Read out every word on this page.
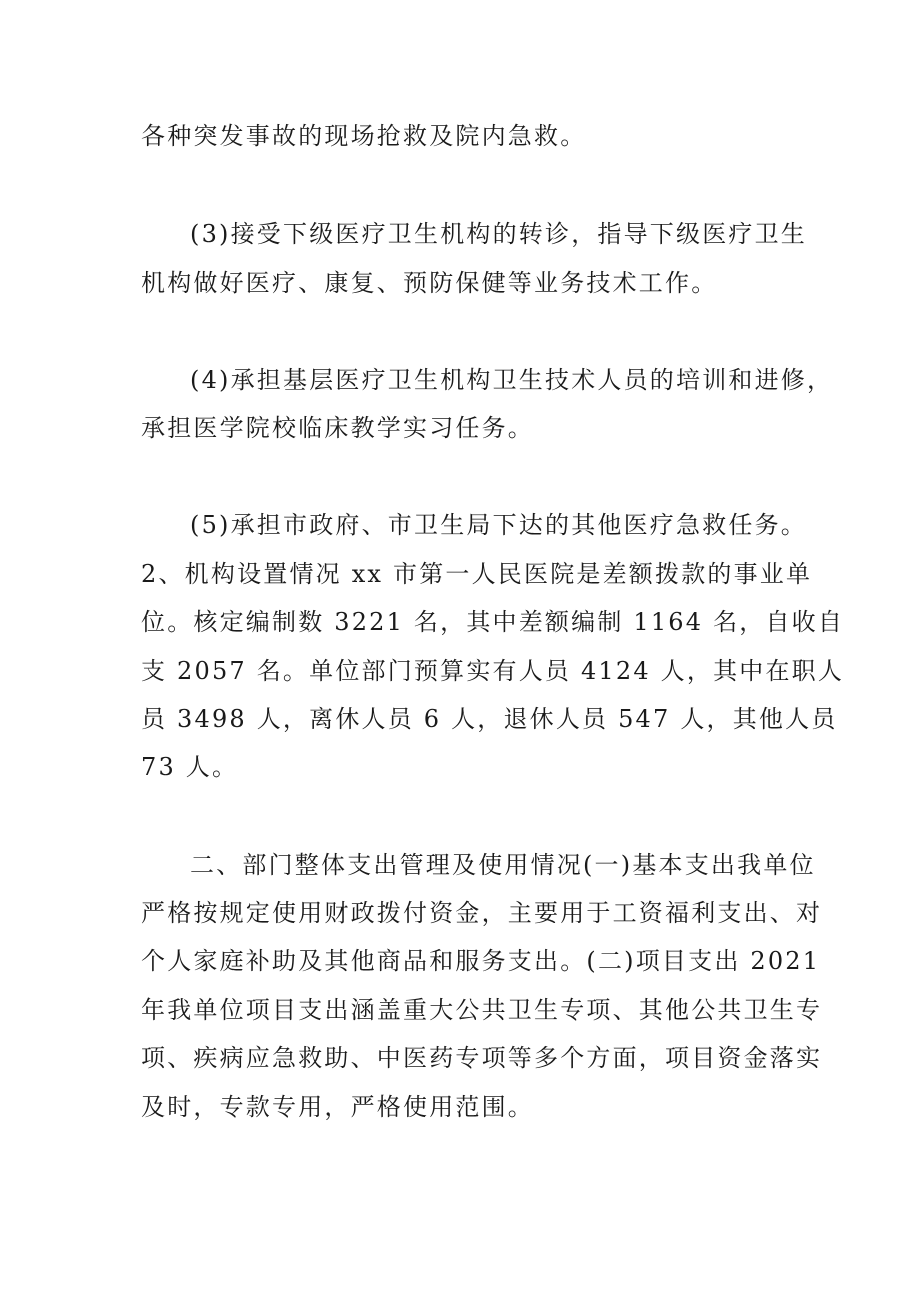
各种突发事故的现场抢救及院内急救。
(3)接受下级医疗卫生机构的转诊，指导下级医疗卫生
机构做好医疗、康复、预防保健等业务技术工作。
(4)承担基层医疗卫生机构卫生技术人员的培训和进修，
承担医学院校临床教学实习任务。
(5)承担市政府、市卫生局下达的其他医疗急救任务。
2、机构设置情况 xx 市第一人民医院是差额拨款的事业单
位。核定编制数 3221 名，其中差额编制 1164 名，自收自
支 2057 名。单位部门预算实有人员 4124 人，其中在职人
员 3498 人，离休人员 6 人，退休人员 547 人，其他人员
73 人。
二、部门整体支出管理及使用情况(一)基本支出我单位
严格按规定使用财政拨付资金，主要用于工资福利支出、对
个人家庭补助及其他商品和服务支出。(二)项目支出 2021
年我单位项目支出涵盖重大公共卫生专项、其他公共卫生专
项、疾病应急救助、中医药专项等多个方面，项目资金落实
及时，专款专用，严格使用范围。
